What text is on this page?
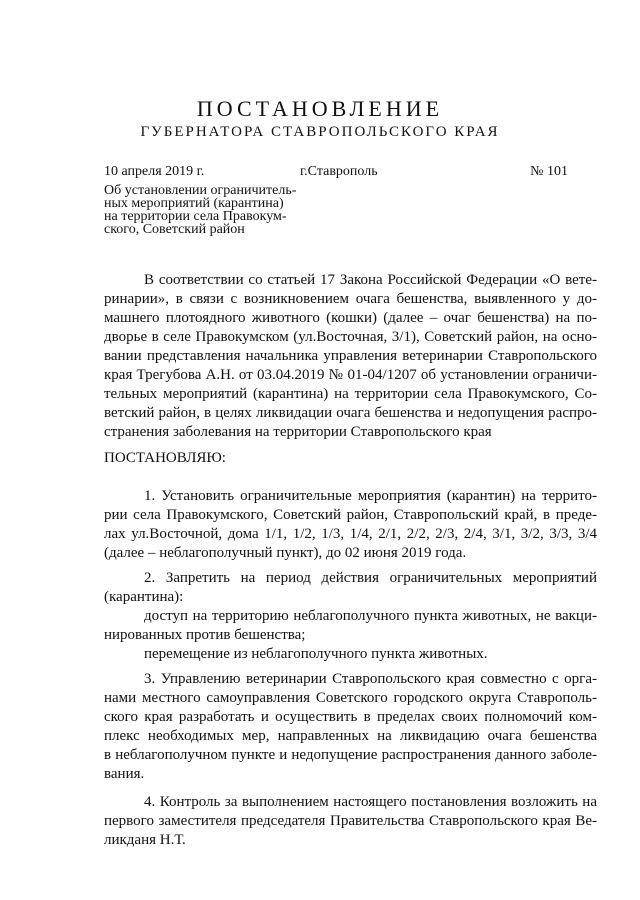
ПОСТАНОВЛЕНИЕ
ГУБЕРНАТОРА СТАВРОПОЛЬСКОГО КРАЯ
10 апреля 2019 г.	г.Ставрополь	№ 101
Об установлении ограничитель-
ных мероприятий (карантина)
на территории села Правокум-
ского, Советский район
В соответствии со статьей 17 Закона Российской Федерации «О вете-
ринарии», в связи с возникновением очага бешенства, выявленного у до-
машнего плотоядного животного (кошки) (далее – очаг бешенства) на по-
дворье в селе Правокумском (ул.Восточная, 3/1), Советский район, на осно-
вании представления начальника управления ветеринарии Ставропольского
края Трегубова А.Н. от 03.04.2019 № 01-04/1207 об установлении ограничи-
тельных мероприятий (карантина) на территории села Правокумского, Со-
ветский район, в целях ликвидации очага бешенства и недопущения распро-
странения заболевания на территории Ставропольского края
ПОСТАНОВЛЯЮ:
1. Установить ограничительные мероприятия (карантин) на террито-
рии села Правокумского, Советский район, Ставропольский край, в преде-
лах ул.Восточной, дома 1/1, 1/2, 1/3, 1/4, 2/1, 2/2, 2/3, 2/4, 3/1, 3/2, 3/3, 3/4
(далее – неблагополучный пункт), до 02 июня 2019 года.
2. Запретить на период действия ограничительных мероприятий
(карантина):
доступ на территорию неблагополучного пункта животных, не вакци-
нированных против бешенства;
перемещение из неблагополучного пункта животных.
3. Управлению ветеринарии Ставропольского края совместно с орга-
нами местного самоуправления Советского городского округа Ставрополь-
ского края разработать и осуществить в пределах своих полномочий ком-
плекс необходимых мер, направленных на ликвидацию очага бешенства
в неблагополучном пункте и недопущение распространения данного заболе-
вания.
4. Контроль за выполнением настоящего постановления возложить на
первого заместителя председателя Правительства Ставропольского края Ве-
ликданя Н.Т.
